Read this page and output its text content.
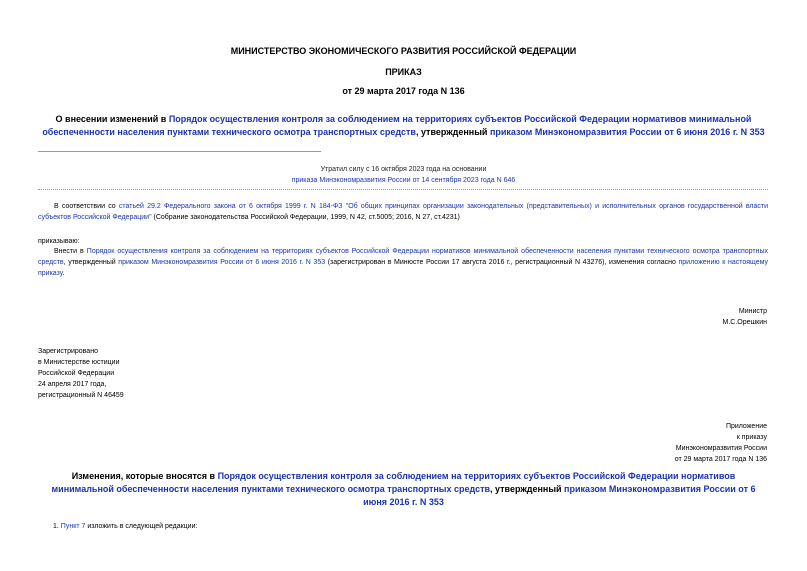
МИНИСТЕРСТВО ЭКОНОМИЧЕСКОГО РАЗВИТИЯ РОССИЙСКОЙ ФЕДЕРАЦИИ
ПРИКАЗ
от 29 марта 2017 года N 136
О внесении изменений в Порядок осуществления контроля за соблюдением на территориях субъектов Российской Федерации нормативов минимальной обеспеченности населения пунктами технического осмотра транспортных средств, утвержденный приказом Минэкономразвития России от 6 июня 2016 г. N 353
Утратил силу с 16 октября 2023 года на основании
приказа Минэкономразвития России от 14 сентября 2023 года N 646
В соответствии со статьей 29.2 Федерального закона от 6 октября 1999 г. N 184-ФЗ "Об общих принципах организации законодательных (представительных) и исполнительных органов государственной власти субъектов Российской Федерации" (Собрание законодательства Российской Федерации, 1999, N 42, ст.5005; 2016, N 27, ст.4231)
приказываю:
Внести в Порядок осуществления контроля за соблюдением на территориях субъектов Российской Федерации нормативов минимальной обеспеченности населения пунктами технического осмотра транспортных средств, утвержденный приказом Минэкономразвития России от 6 июня 2016 г. N 353 (зарегистрирован в Минюсте России 17 августа 2016 г., регистрационный N 43276), изменения согласно приложению к настоящему приказу.
Министр
М.С.Орешкин
Зарегистрировано
в Министерстве юстиции
Российской Федерации
24 апреля 2017 года,
регистрационный N 46459
Приложение
к приказу
Минэкономразвития России
от 29 марта 2017 года N 136
Изменения, которые вносятся в Порядок осуществления контроля за соблюдением на территориях субъектов Российской Федерации нормативов минимальной обеспеченности населения пунктами технического осмотра транспортных средств, утвержденный приказом Минэкономразвития России от 6 июня 2016 г. N 353
1. Пункт 7 изложить в следующей редакции:
